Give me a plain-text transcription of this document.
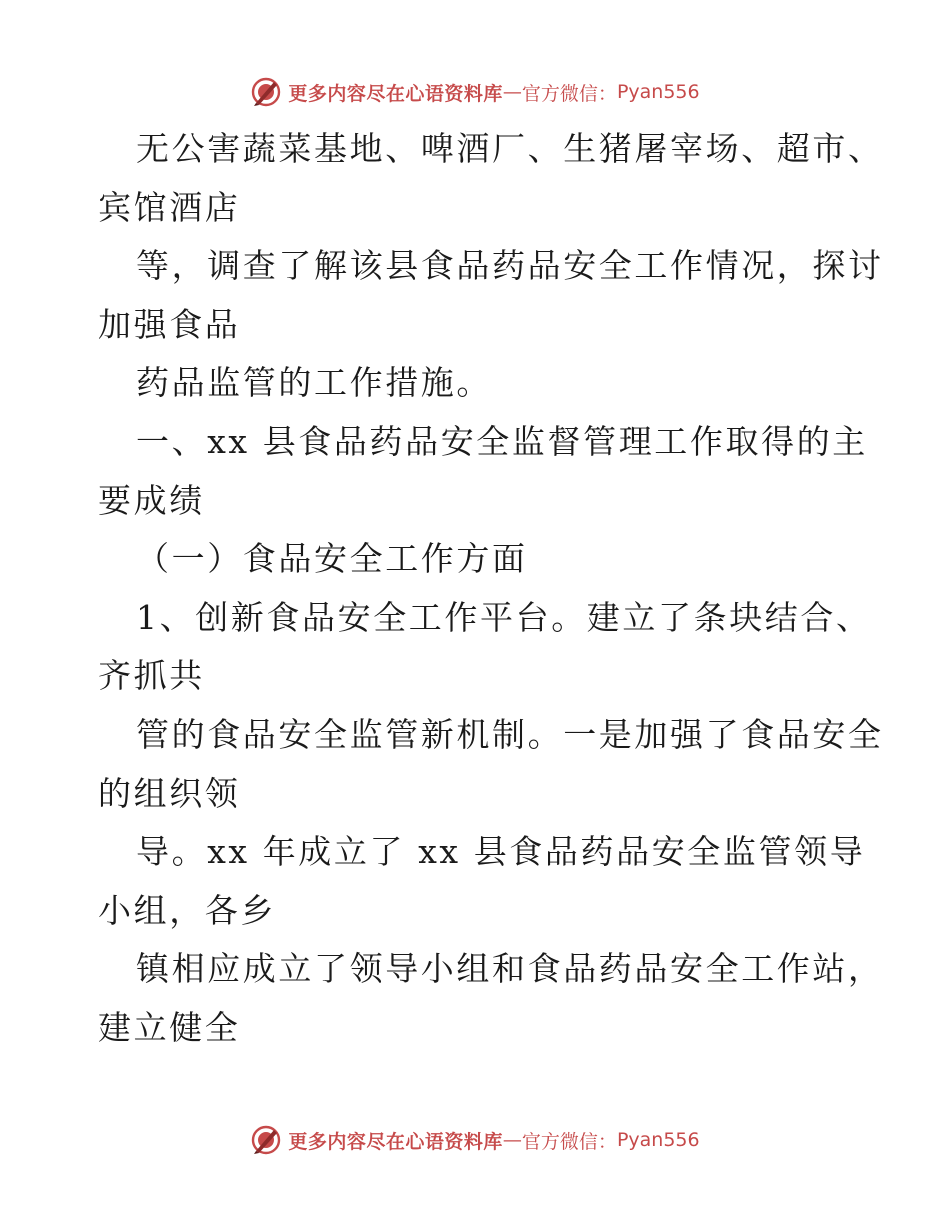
更多内容尽在心语资料库 — 官方微信： Pyan556
无公害蔬菜基地、啤酒厂、生猪屠宰场、超市、
宾馆酒店
等，调查了解该县食品药品安全工作情况，探讨
加强食品
药品监管的工作措施。
一、xx 县食品药品安全监督管理工作取得的主
要成绩
（一）食品安全工作方面
1、创新食品安全工作平台。建立了条块结合、
齐抓共
管的食品安全监管新机制。一是加强了食品安全
的组织领
导。xx 年成立了 xx 县食品药品安全监管领导
小组，各乡
镇相应成立了领导小组和食品药品安全工作站，
建立健全
更多内容尽在心语资料库 — 官方微信： Pyan556
